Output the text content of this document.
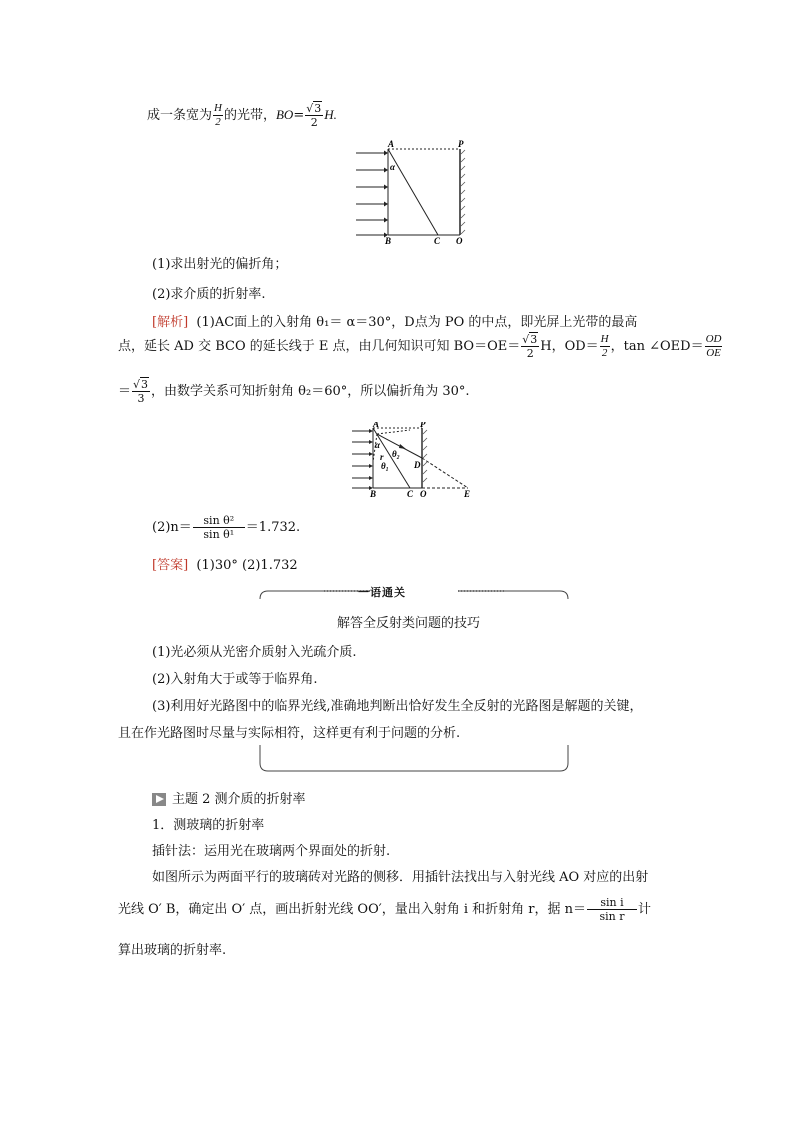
成一条宽为 $\frac{H}{2}$ 的光带，$BO= \frac{√3}{2} H$.
A	P
α
B	C O
(1)求出射光的偏折角；
(2)求介质的折射率.
[解析] (1)AC面上的入射角 θ₁＝ α＝30°，D点为 PO 的中点，即光屏上光带的最高
点，延长 AD 交 BCO 的延长线于 E 点，由几何知识可知 $BO=OE= \frac{√3}{2}$ H，$OD= \frac{H}{2}$ ，tan ∠OED＝ $\frac{OD}{OE}$
＝ $\frac{√3}{3}$ ，由数学关系可知折射角 θ₂＝60°，所以偏折角为 30°.
A	P
α
θ₂
r
θ₁	D
B	C O	E
$(2)n= \frac{\text{sin θ²}}{\text{sin θ¹}} =1.732$.
[答案] (1)30° (2)1.732
一语通关
解答全反射类问题的技巧
(1)光必须从光密介质射入光疏介质.
(2)入射角大于或等于临界角.
(3)利用好光路图中的临界光线,准确地判断出恰好发生全反射的光路图是解题的关键，
且在作光路图时尽量与实际相符，这样更有利于问题的分析.
主题 2 测介质的折射率
1．测玻璃的折射率
插针法：运用光在玻璃两个界面处的折射.
如图所示为两面平行的玻璃砖对光路的侧移．用插针法找出与入射光线 AO 对应的出射
光线 O′ B，确定出 O′ 点，画出折射光线 OO′，量出入射角 i 和折射角 r，据 $n= \frac{\text{sin i}}{\text{sin r}}$ 计
算出玻璃的折射率.
